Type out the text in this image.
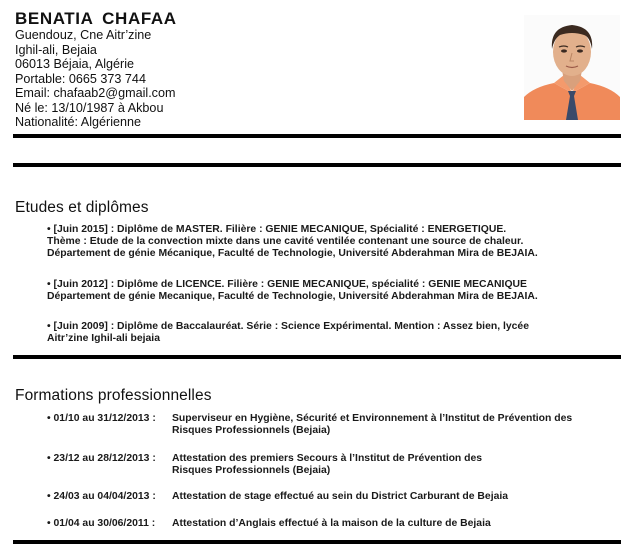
BENATIA CHAFAA
Guendouz, Cne Aitr’zine
Ighil-ali, Bejaia
06013 Béjaia, Algérie
Portable: 0665 373 744
Email: chafaab2@gmail.com
Né le: 13/10/1987 à Akbou
Nationalité: Algérienne
Etudes et diplômes
• [Juin 2015] : Diplôme de MASTER. Filière : GENIE MECANIQUE, Spécialité : ENERGETIQUE.
Thème : Etude de la convection mixte dans une cavité ventilée contenant une source de chaleur.
Département de génie Mécanique, Faculté de Technologie, Université Abderahman Mira de BEJAIA.
• [Juin 2012] : Diplôme de LICENCE. Filière : GENIE MECANIQUE, spécialité : GENIE MECANIQUE
Département de génie Mecanique, Faculté de Technologie, Université Abderahman Mira de BEJAIA.
• [Juin 2009] : Diplôme de Baccalauréat. Série : Science Expérimental. Mention : Assez bien, lycée
Aitr’zine Ighil-ali bejaia
Formations professionnelles
• 01/10 au 31/12/2013 :	Superviseur en Hygiène, Sécurité et Environnement à l’Institut de Prévention des
Risques Professionnels (Bejaia)
• 23/12 au 28/12/2013 :	Attestation des premiers Secours à l’Institut de Prévention des
Risques Professionnels (Bejaia)
• 24/03 au 04/04/2013 :	Attestation de stage effectué au sein du District Carburant de Bejaia
• 01/04 au 30/06/2011 :	Attestation d’Anglais effectué à la maison de la culture de Bejaia
